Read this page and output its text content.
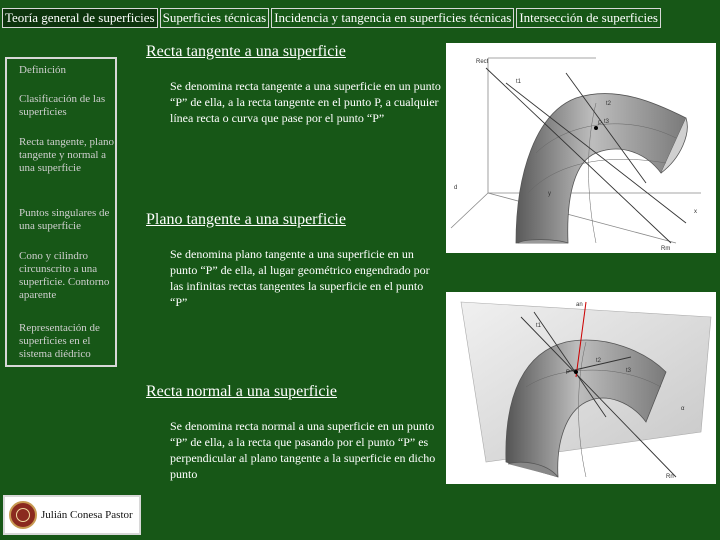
Teoría general de superficies Superficies técnicas Incidencia y tangencia en superficies técnicas Intersección de superficies
Definición
Clasificación de las superficies
Recta tangente, plano tangente y normal a una superficie
Puntos singulares de una superficie
Cono y cilindro circunscrito a una superficie. Contorno aparente
Representación de superficies en el sistema diédrico
Recta tangente a una superficie
Se denomina recta tangente a una superficie en un punto “P” de ella, a la recta tangente en el punto P, a cualquier línea recta o curva que pase por el punto “P”
Plano tangente a una superficie
Se denomina plano tangente a una superficie en un punto “P” de ella, al lugar geométrico engendrado por las infinitas rectas tangentes la superficie en el punto “P”
Recta normal a una superficie
Se denomina recta normal a una superficie en un punto “P” de ella, a la recta que pasando por el punto “P” es perpendicular al plano tangente a la superficie en dicho punto
Rect
t1
P
t2
t3
d
y
x
Rm
an
t1
P
t2
t3
α
Rn
Julián Conesa Pastor
